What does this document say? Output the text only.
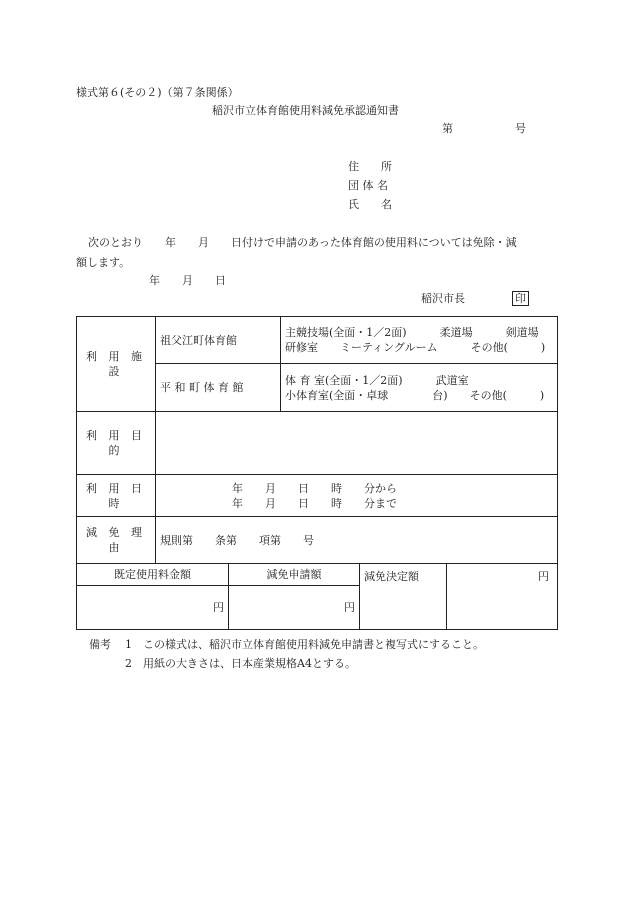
様式第６(その２)（第７条関係）
稲沢市立体育館使用料減免承認通知書
第	号
住　　所
団 体 名
氏　　名
次のとおり　　年　　月　　日付けで申請のあった体育館の使用料については免除・減
額します。
年　　月　　日
稲沢市長	印
利 用 施 設	祖父江町体育館		主競技場(全面・1／2面)　　　柔道場　　　剣道場
研修室　　ミーティングルーム　　　その他(　　　)		

	平 和 町 体 育 館		体 育 室(全面・1／2面)　　　武道室
小体育室(全面・卓球　　　　台)　　その他(　　　)		

利 用 目 的					
利 用 日 時	年　　月　　日　　時　　分から
年　　月　　日　　時　　分まで				

減 免 理 由	規則第　　条第　　項第　　号				
既定使用料金額		減免申請額		減免決定額	円
円		円			
備考 1 この様式は、稲沢市立体育館使用料減免申請書と複写式にすること。
2 用紙の大きさは、日本産業規格A4とする。
